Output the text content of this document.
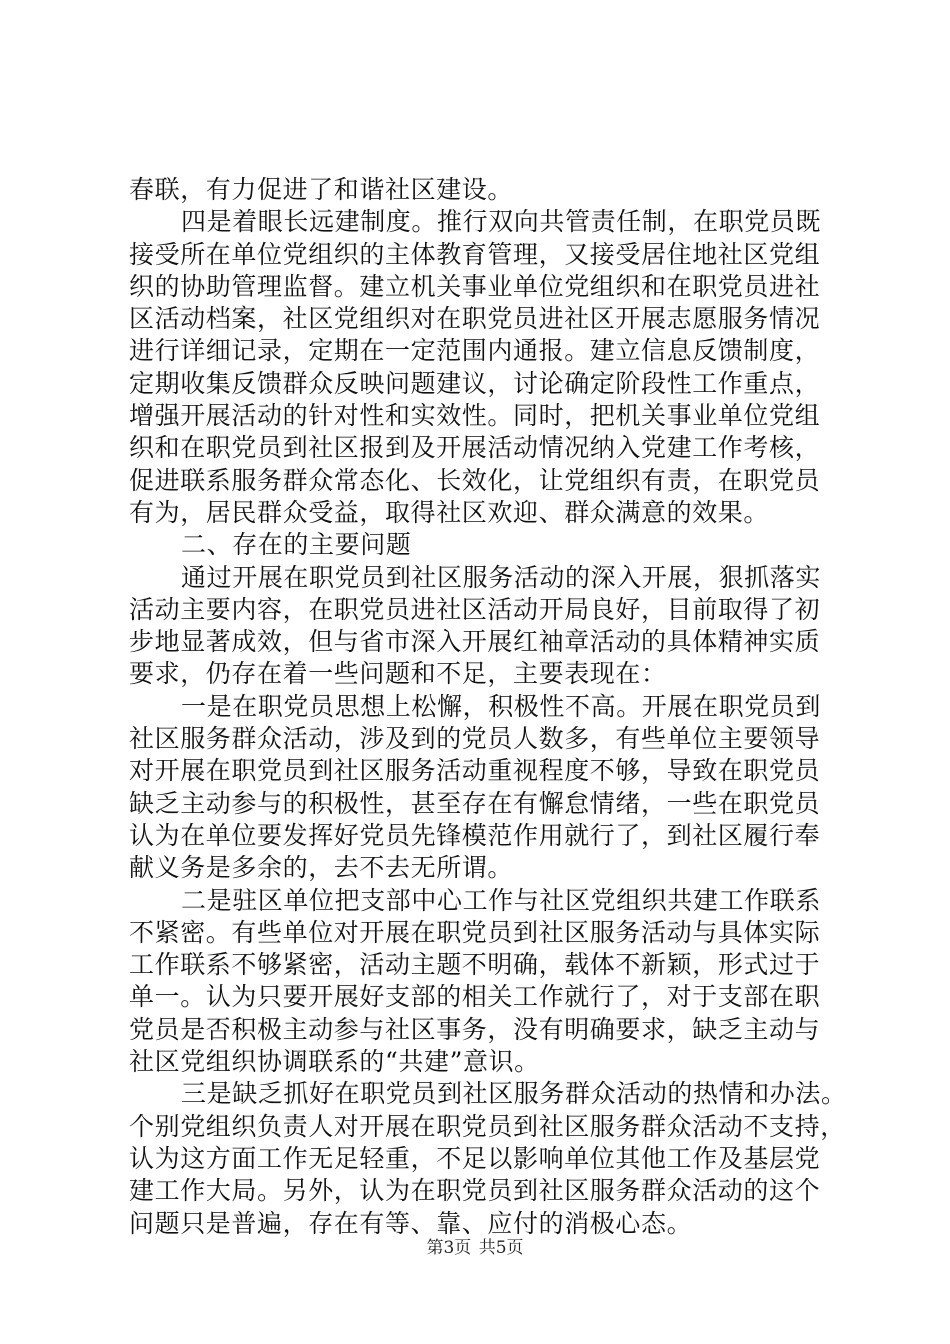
春联，有力促进了和谐社区建设。
四是着眼长远建制度。推行双向共管责任制，在职党员既
接受所在单位党组织的主体教育管理，又接受居住地社区党组
织的协助管理监督。建立机关事业单位党组织和在职党员进社
区活动档案，社区党组织对在职党员进社区开展志愿服务情况
进行详细记录，定期在一定范围内通报。建立信息反馈制度，
定期收集反馈群众反映问题建议，讨论确定阶段性工作重点，
增强开展活动的针对性和实效性。同时，把机关事业单位党组
织和在职党员到社区报到及开展活动情况纳入党建工作考核，
促进联系服务群众常态化、长效化，让党组织有责，在职党员
有为，居民群众受益，取得社区欢迎、群众满意的效果。
二、存在的主要问题
通过开展在职党员到社区服务活动的深入开展，狠抓落实
活动主要内容，在职党员进社区活动开局良好，目前取得了初
步地显著成效，但与省市深入开展红袖章活动的具体精神实质
要求，仍存在着一些问题和不足，主要表现在：
一是在职党员思想上松懈，积极性不高。开展在职党员到
社区服务群众活动，涉及到的党员人数多，有些单位主要领导
对开展在职党员到社区服务活动重视程度不够，导致在职党员
缺乏主动参与的积极性，甚至存在有懈怠情绪，一些在职党员
认为在单位要发挥好党员先锋模范作用就行了，到社区履行奉
献义务是多余的，去不去无所谓。
二是驻区单位把支部中心工作与社区党组织共建工作联系
不紧密。有些单位对开展在职党员到社区服务活动与具体实际
工作联系不够紧密，活动主题不明确，载体不新颖，形式过于
单一。认为只要开展好支部的相关工作就行了，对于支部在职
党员是否积极主动参与社区事务，没有明确要求，缺乏主动与
社区党组织协调联系的“共建”意识。
三是缺乏抓好在职党员到社区服务群众活动的热情和办法。
个别党组织负责人对开展在职党员到社区服务群众活动不支持，
认为这方面工作无足轻重，不足以影响单位其他工作及基层党
建工作大局。另外，认为在职党员到社区服务群众活动的这个
问题只是普遍，存在有等、靠、应付的消极心态。
第3页 共5页
